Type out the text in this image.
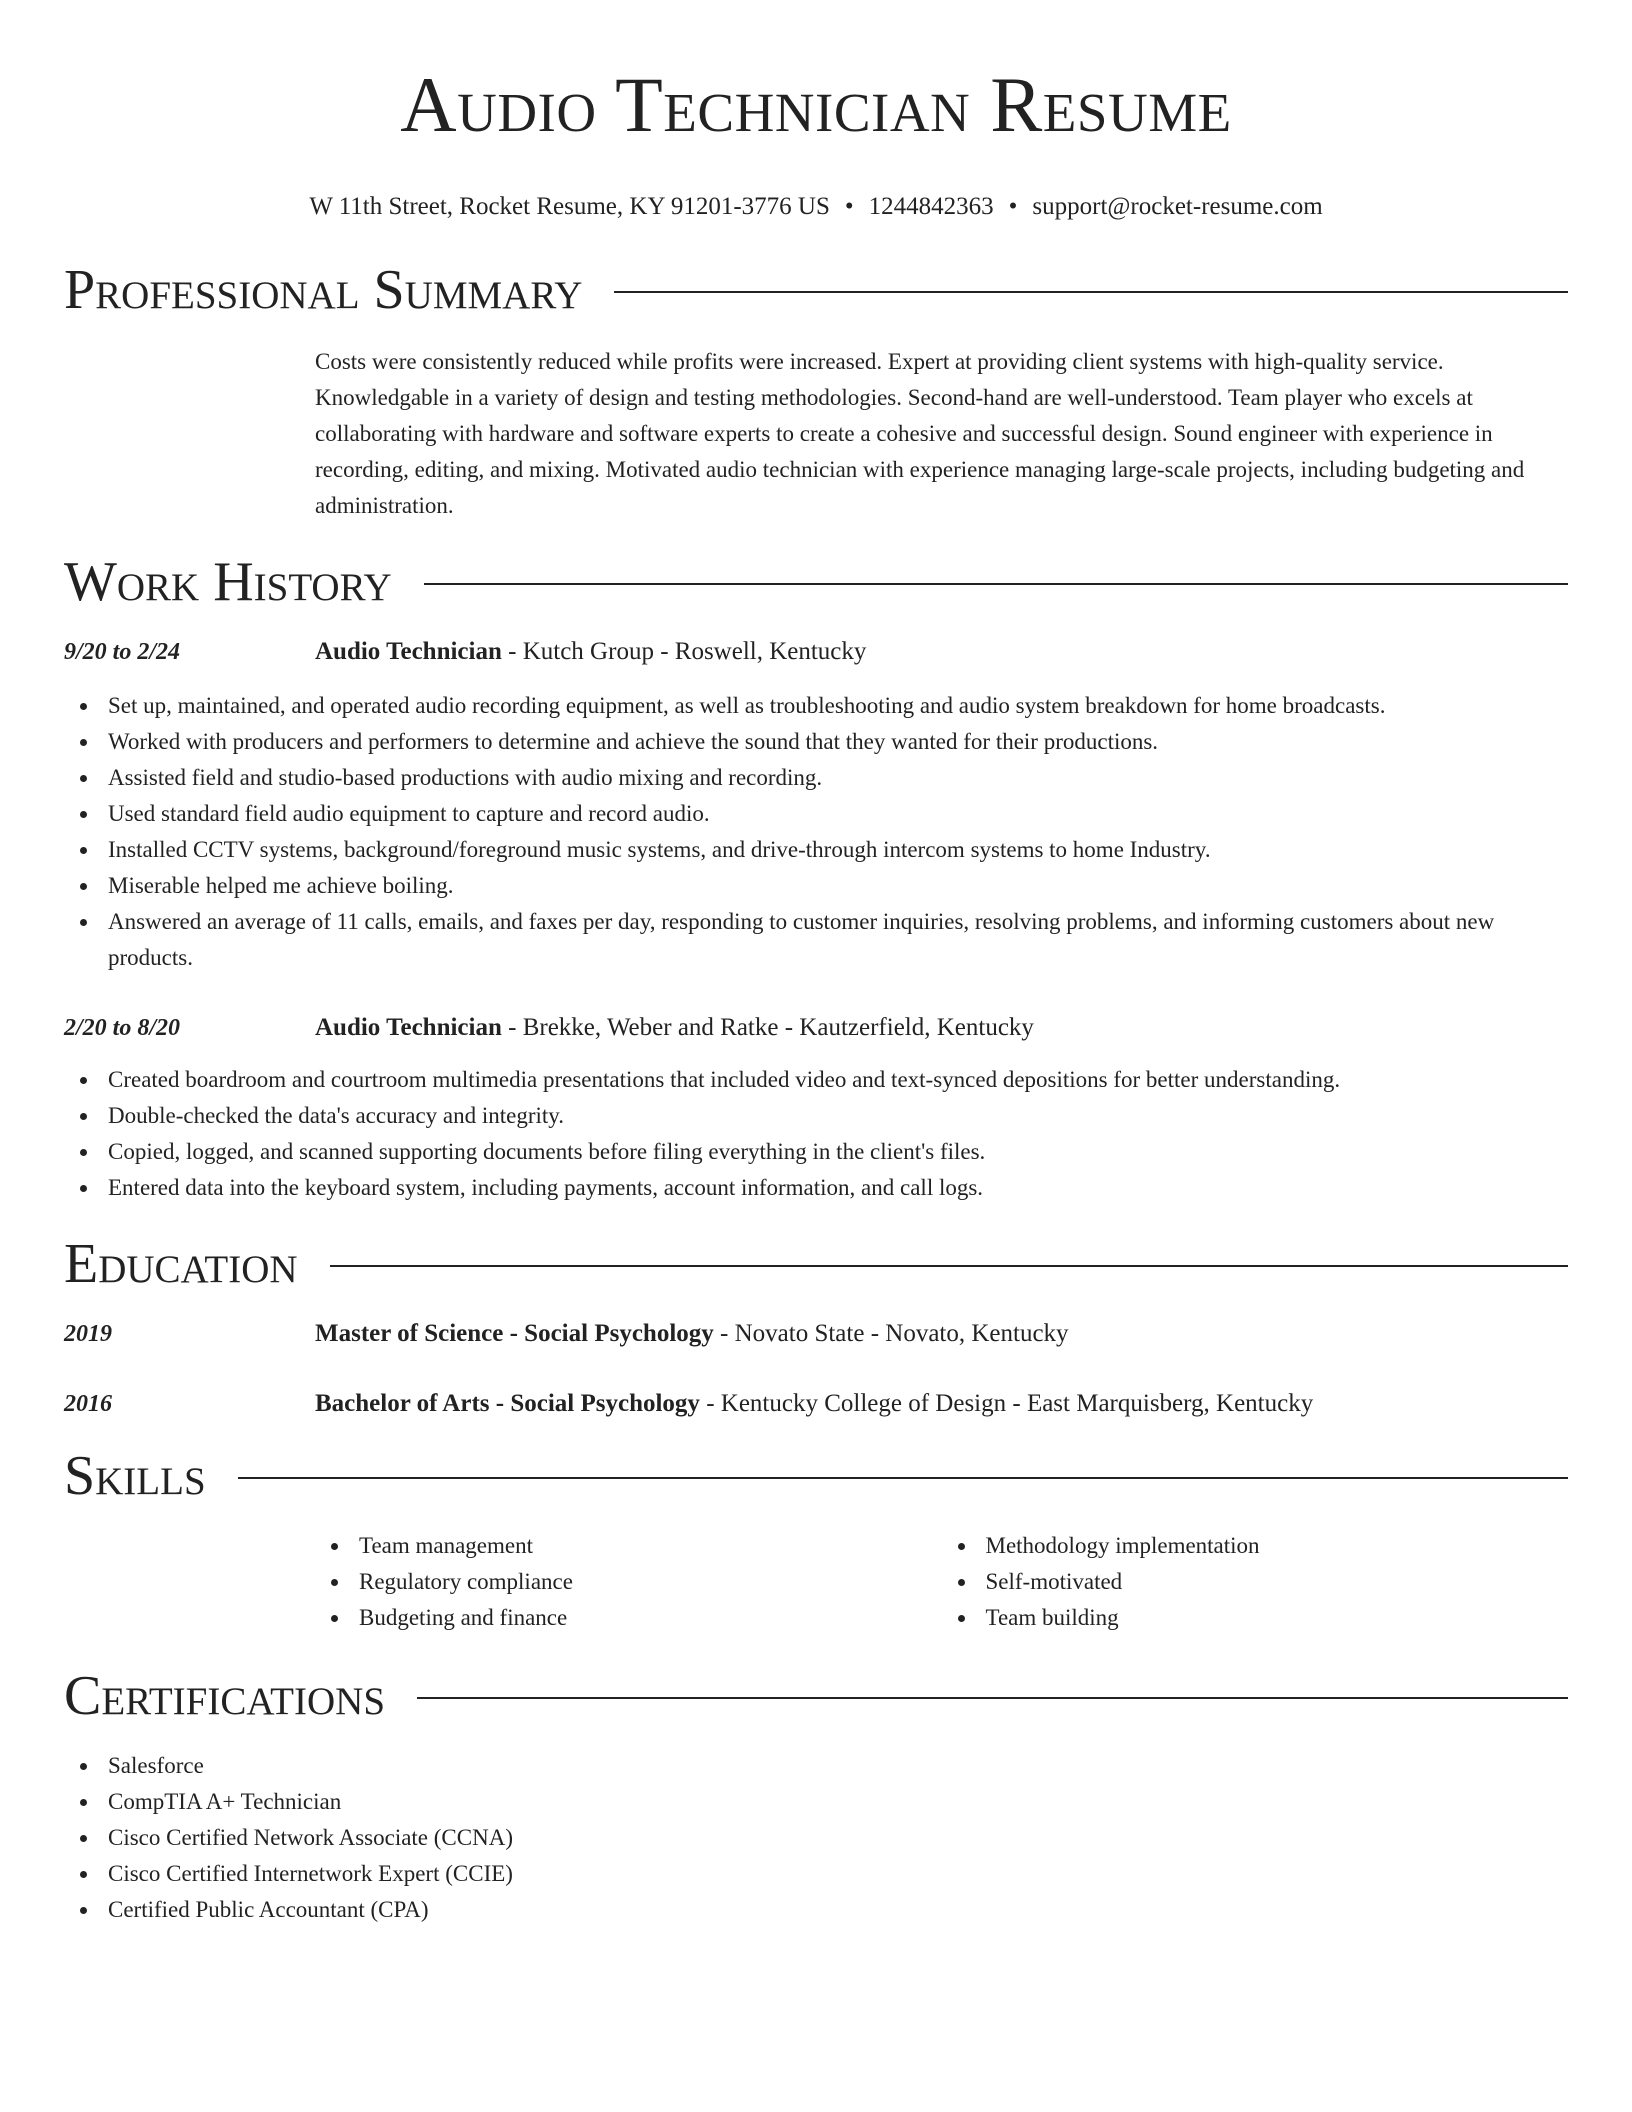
Audio Technician Resume
W 11th Street, Rocket Resume, KY 91201-3776 US • 1244842363 • support@rocket-resume.com
Professional Summary
Costs were consistently reduced while profits were increased. Expert at providing client systems with high-quality service. Knowledgable in a variety of design and testing methodologies. Second-hand are well-understood. Team player who excels at collaborating with hardware and software experts to create a cohesive and successful design. Sound engineer with experience in recording, editing, and mixing. Motivated audio technician with experience managing large-scale projects, including budgeting and administration.
Work History
9/20 to 2/24	Audio Technician - Kutch Group - Roswell, Kentucky
Set up, maintained, and operated audio recording equipment, as well as troubleshooting and audio system breakdown for home broadcasts.
Worked with producers and performers to determine and achieve the sound that they wanted for their productions.
Assisted field and studio-based productions with audio mixing and recording.
Used standard field audio equipment to capture and record audio.
Installed CCTV systems, background/foreground music systems, and drive-through intercom systems to home Industry.
Miserable helped me achieve boiling.
Answered an average of 11 calls, emails, and faxes per day, responding to customer inquiries, resolving problems, and informing customers about new products.
2/20 to 8/20	Audio Technician - Brekke, Weber and Ratke - Kautzerfield, Kentucky
Created boardroom and courtroom multimedia presentations that included video and text-synced depositions for better understanding.
Double-checked the data's accuracy and integrity.
Copied, logged, and scanned supporting documents before filing everything in the client's files.
Entered data into the keyboard system, including payments, account information, and call logs.
Education
2019	Master of Science - Social Psychology - Novato State - Novato, Kentucky
2016	Bachelor of Arts - Social Psychology - Kentucky College of Design - East Marquisberg, Kentucky
Skills
Team management
Regulatory compliance
Budgeting and finance
Methodology implementation
Self-motivated
Team building
Certifications
Salesforce
CompTIA A+ Technician
Cisco Certified Network Associate (CCNA)
Cisco Certified Internetwork Expert (CCIE)
Certified Public Accountant (CPA)
